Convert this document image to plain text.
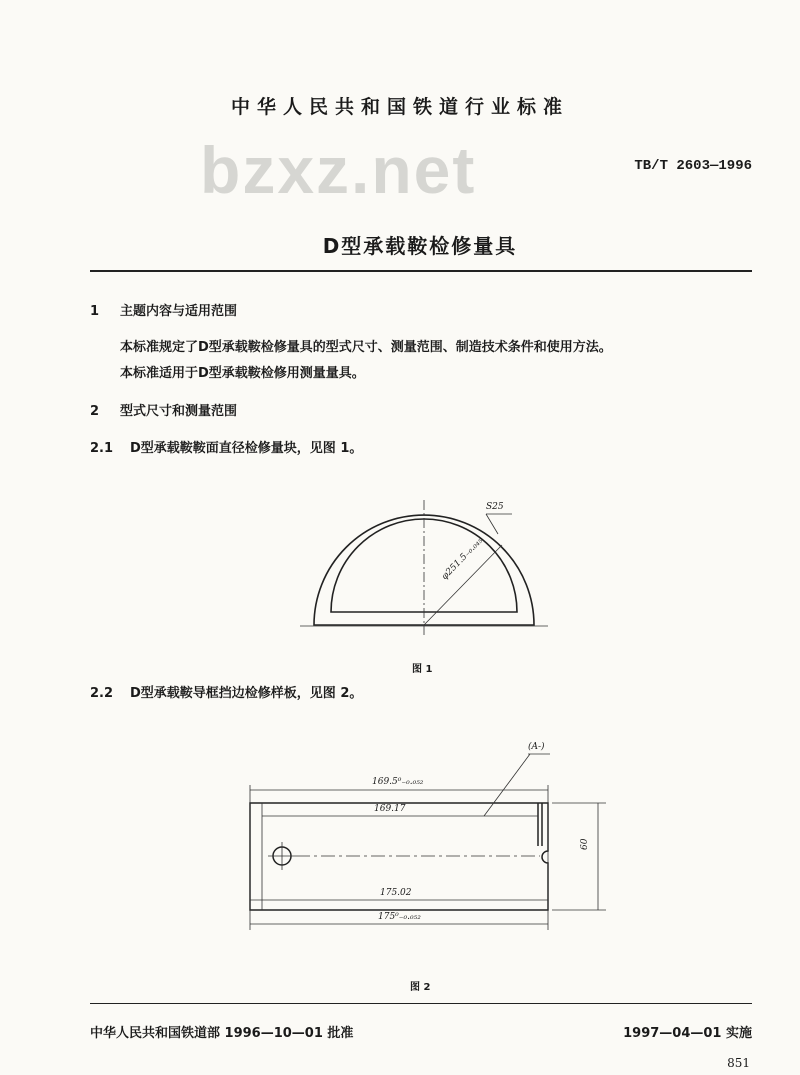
中华人民共和国铁道行业标准
bzxz.net	TB/T 2603—1996
D型承载鞍检修量具
1 主题内容与适用范围
本标准规定了D型承载鞍检修量具的型式尺寸、测量范围、制造技术条件和使用方法。
本标准适用于D型承载鞍检修用测量量具。
2 型式尺寸和测量范围
2.1 D型承载鞍鞍面直径检修量块，见图 1。
φ251.5₋₀.₀₄₅
S25
图 1
2.2 D型承载鞍导框挡边检修样板，见图 2。
169.5⁰₋₀.₀₅₂
169.17
175.02
175⁰₋₀.₀₅₂
60
(A-)
图 2
中华人民共和国铁道部 1996—10—01 批准	1997—04—01 实施
851
